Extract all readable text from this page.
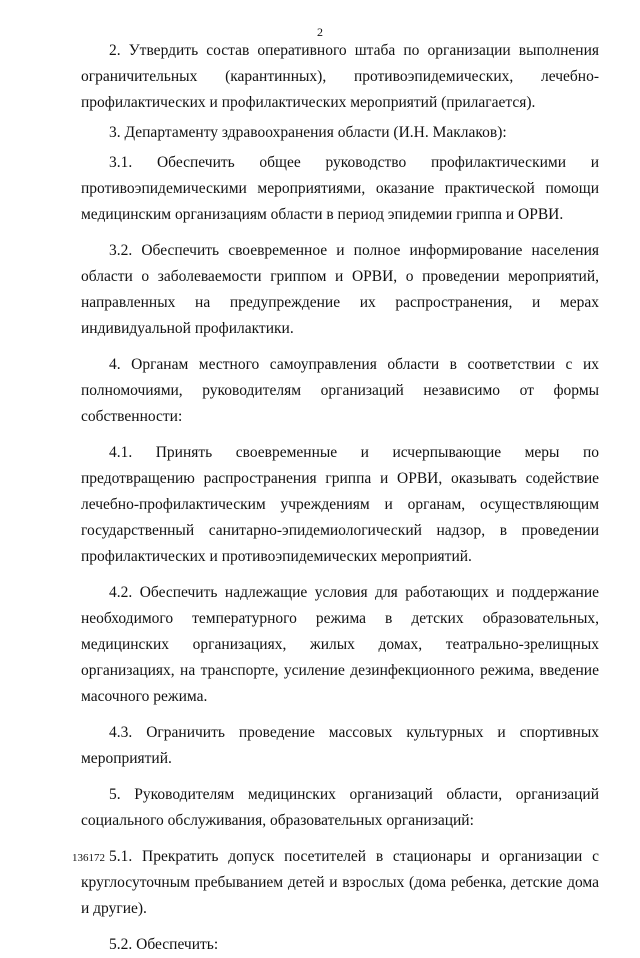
2

2. Утвердить состав оперативного штаба по организации выполнения ограничительных (карантинных), противоэпидемических, лечебно-профилактических и профилактических мероприятий (прилагается).

3. Департаменту здравоохранения области (И.Н. Маклаков):

3.1. Обеспечить общее руководство профилактическими и противоэпидемическими мероприятиями, оказание практической помощи медицинским организациям области в период эпидемии гриппа и ОРВИ.

3.2. Обеспечить своевременное и полное информирование населения области о заболеваемости гриппом и ОРВИ, о проведении мероприятий, направленных на предупреждение их распространения, и мерах индивидуальной профилактики.

4. Органам местного самоуправления области в соответствии с их полномочиями, руководителям организаций независимо от формы собственности:

4.1. Принять своевременные и исчерпывающие меры по предотвращению распространения гриппа и ОРВИ, оказывать содействие лечебно-профилактическим учреждениям и органам, осуществляющим государственный санитарно-эпидемиологический надзор, в проведении профилактических и противоэпидемических мероприятий.

4.2. Обеспечить надлежащие условия для работающих и поддержание необходимого температурного режима в детских образовательных, медицинских организациях, жилых домах, театрально-зрелищных организациях, на транспорте, усиление дезинфекционного режима, введение масочного режима.

4.3. Ограничить проведение массовых культурных и спортивных мероприятий.

5. Руководителям медицинских организаций области, организаций социального обслуживания, образовательных организаций:

5.1. Прекратить допуск посетителей в стационары и организации с круглосуточным пребыванием детей и взрослых (дома ребенка, детские дома и другие).

5.2. Обеспечить:

136172
